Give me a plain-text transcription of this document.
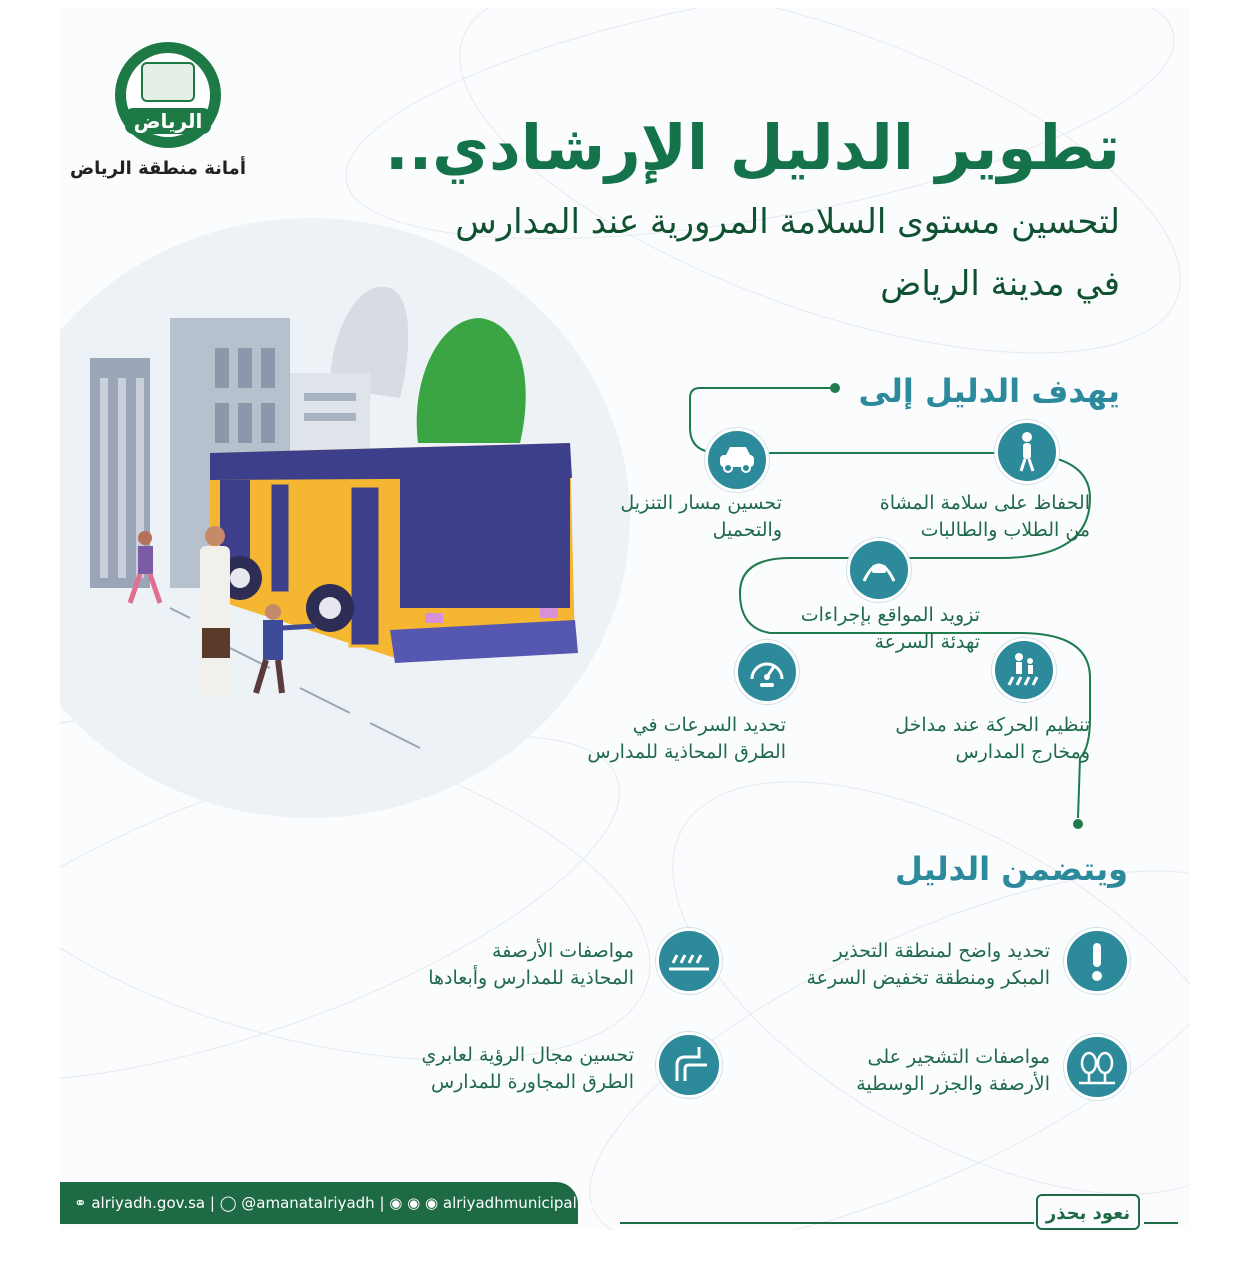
الرياض
أمانة منطقة الرياض تطوير الدليل الإرشادي..
لتحسين مستوى السلامة المرورية عند المدارس
في مدينة الرياض
يهدف الدليل إلى
الحفاظ على سلامة المشاة
من الطلاب والطالبات
تحسين مسار التنزيل
والتحميل
تزويد المواقع بإجراءات
تهدئة السرعة
تنظيم الحركة عند مداخل
ومخارج المدارس
تحديد السرعات في
الطرق المحاذية للمدارس
ويتضمن الدليل
تحديد واضح لمنطقة التحذير
المبكر ومنطقة تخفيض السرعة
مواصفات الأرصفة
المحاذية للمدارس وأبعادها
مواصفات التشجير على
الأرصفة والجزر الوسطية
تحسين مجال الرؤية لعابري
الطرق المجاورة للمدارس
⚭ alriyadh.gov.sa | ◯ @amanatalriyadh | ◉ ◉ ◉ alriyadhmunicipality	نعود بحذر
